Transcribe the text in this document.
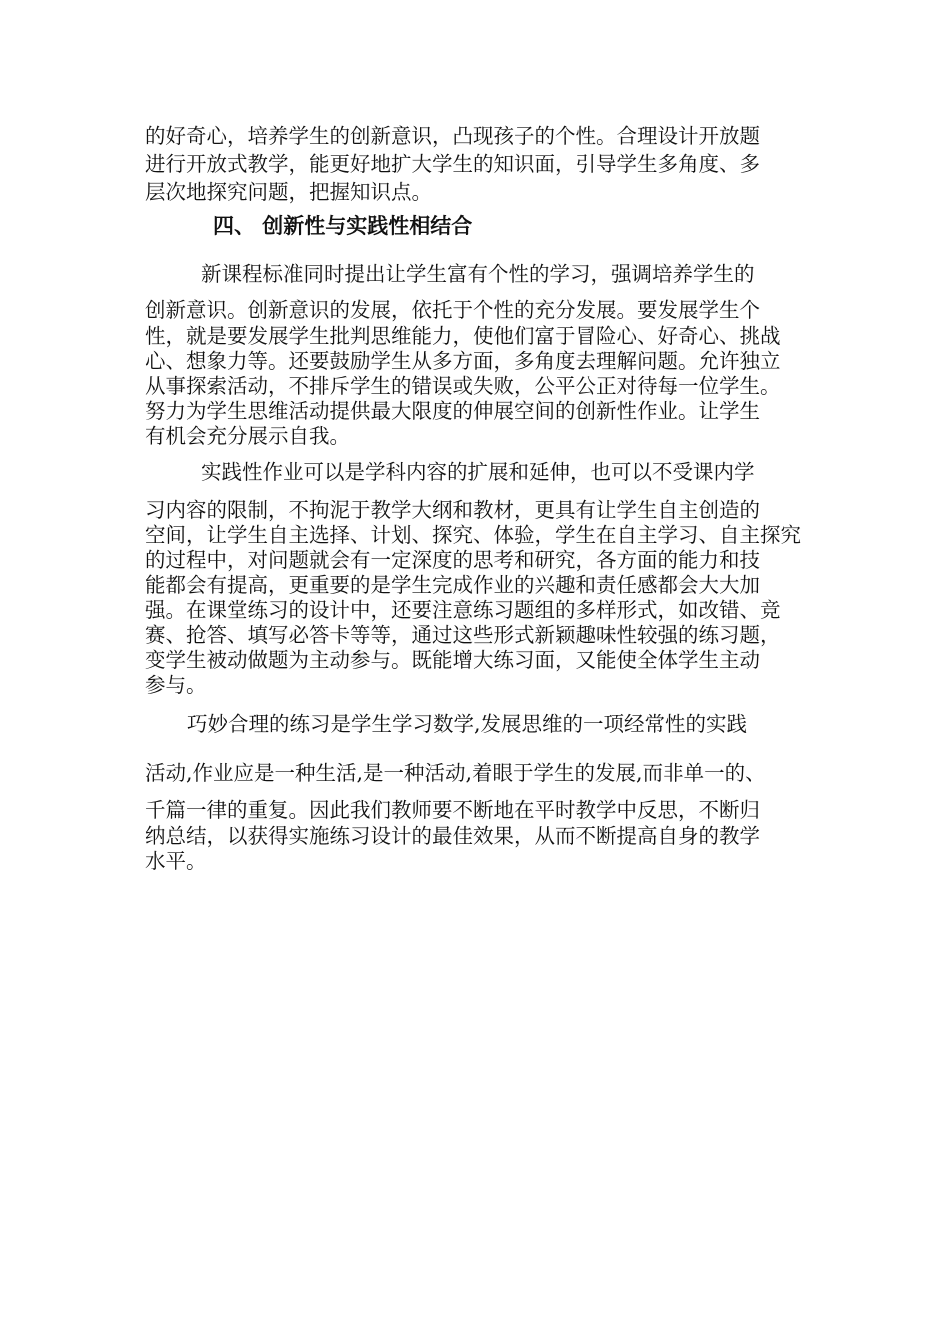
的好奇心，培养学生的创新意识，凸现孩子的个性。合理设计开放题

进行开放式教学，能更好地扩大学生的知识面，引导学生多角度、多

层次地探究问题，把握知识点。

四、 创新性与实践性相结合

新课程标准同时提出让学生富有个性的学习，强调培养学生的

创新意识。创新意识的发展，依托于个性的充分发展。要发展学生个

性，就是要发展学生批判思维能力，使他们富于冒险心、好奇心、挑战

心、想象力等。还要鼓励学生从多方面，多角度去理解问题。允许独立

从事探索活动，不排斥学生的错误或失败，公平公正对待每一位学生。

努力为学生思维活动提供最大限度的伸展空间的创新性作业。让学生

有机会充分展示自我。

实践性作业可以是学科内容的扩展和延伸，也可以不受课内学

习内容的限制，不拘泥于教学大纲和教材，更具有让学生自主创造的

空间，让学生自主选择、计划、探究、体验，学生在自主学习、自主探究

的过程中，对问题就会有一定深度的思考和研究，各方面的能力和技

能都会有提高，更重要的是学生完成作业的兴趣和责任感都会大大加

强。在课堂练习的设计中，还要注意练习题组的多样形式，如改错、竞

赛、抢答、填写必答卡等等，通过这些形式新颖趣味性较强的练习题，

变学生被动做题为主动参与。既能增大练习面，又能使全体学生主动

参与。

巧妙合理的练习是学生学习数学,发展思维的一项经常性的实践

活动,作业应是一种生活,是一种活动,着眼于学生的发展,而非单一的、

千篇一律的重复。因此我们教师要不断地在平时教学中反思，不断归

纳总结，以获得实施练习设计的最佳效果，从而不断提高自身的教学

水平。
